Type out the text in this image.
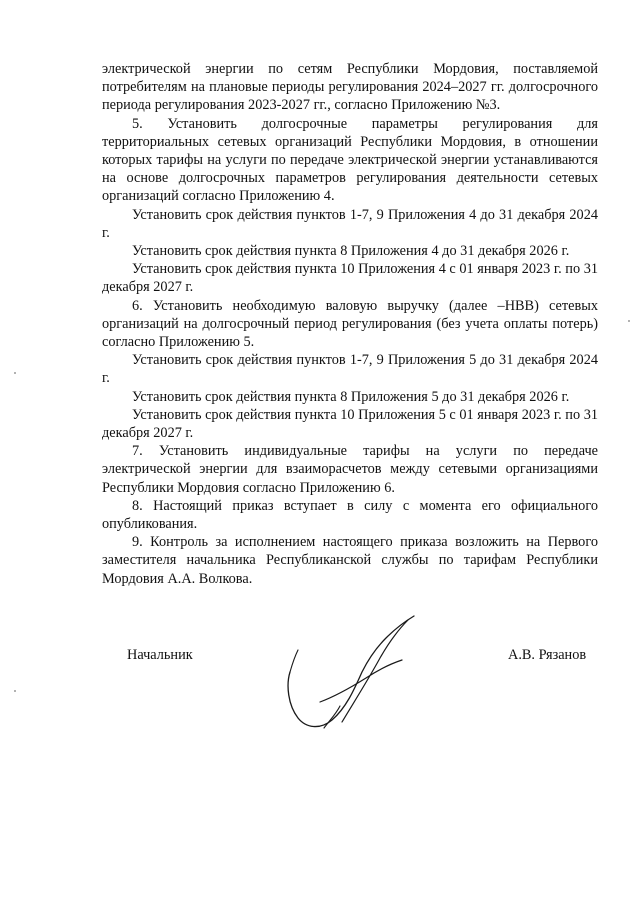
электрической энергии по сетям Республики Мордовия, поставляемой потребителям на плановые периоды регулирования 2024–2027 гг. долгосрочного периода регулирования 2023-2027 гг., согласно Приложению №3.

5. Установить долгосрочные параметры регулирования для территориальных сетевых организаций Республики Мордовия, в отношении которых тарифы на услуги по передаче электрической энергии устанавливаются на основе долгосрочных параметров регулирования деятельности сетевых организаций согласно Приложению 4.

Установить срок действия пунктов 1-7, 9 Приложения 4 до 31 декабря 2024 г.

Установить срок действия пункта 8 Приложения 4 до 31 декабря 2026 г.

Установить срок действия пункта 10 Приложения 4 с 01 января 2023 г. по 31 декабря 2027 г.

6. Установить необходимую валовую выручку (далее –НВВ) сетевых организаций на долгосрочный период регулирования (без учета оплаты потерь) согласно Приложению 5.

Установить срок действия пунктов 1-7, 9 Приложения 5 до 31 декабря 2024 г.

Установить срок действия пункта 8 Приложения 5 до 31 декабря 2026 г.

Установить срок действия пункта 10 Приложения 5 с 01 января 2023 г. по 31 декабря 2027 г.

7. Установить индивидуальные тарифы на услуги по передаче электрической энергии для взаиморасчетов между сетевыми организациями Республики Мордовия согласно Приложению 6.

8. Настоящий приказ вступает в силу с момента его официального опубликования.

9. Контроль за исполнением настоящего приказа возложить на Первого заместителя начальника Республиканской службы по тарифам Республики Мордовия А.А. Волкова.

Начальник	А.В. Рязанов
